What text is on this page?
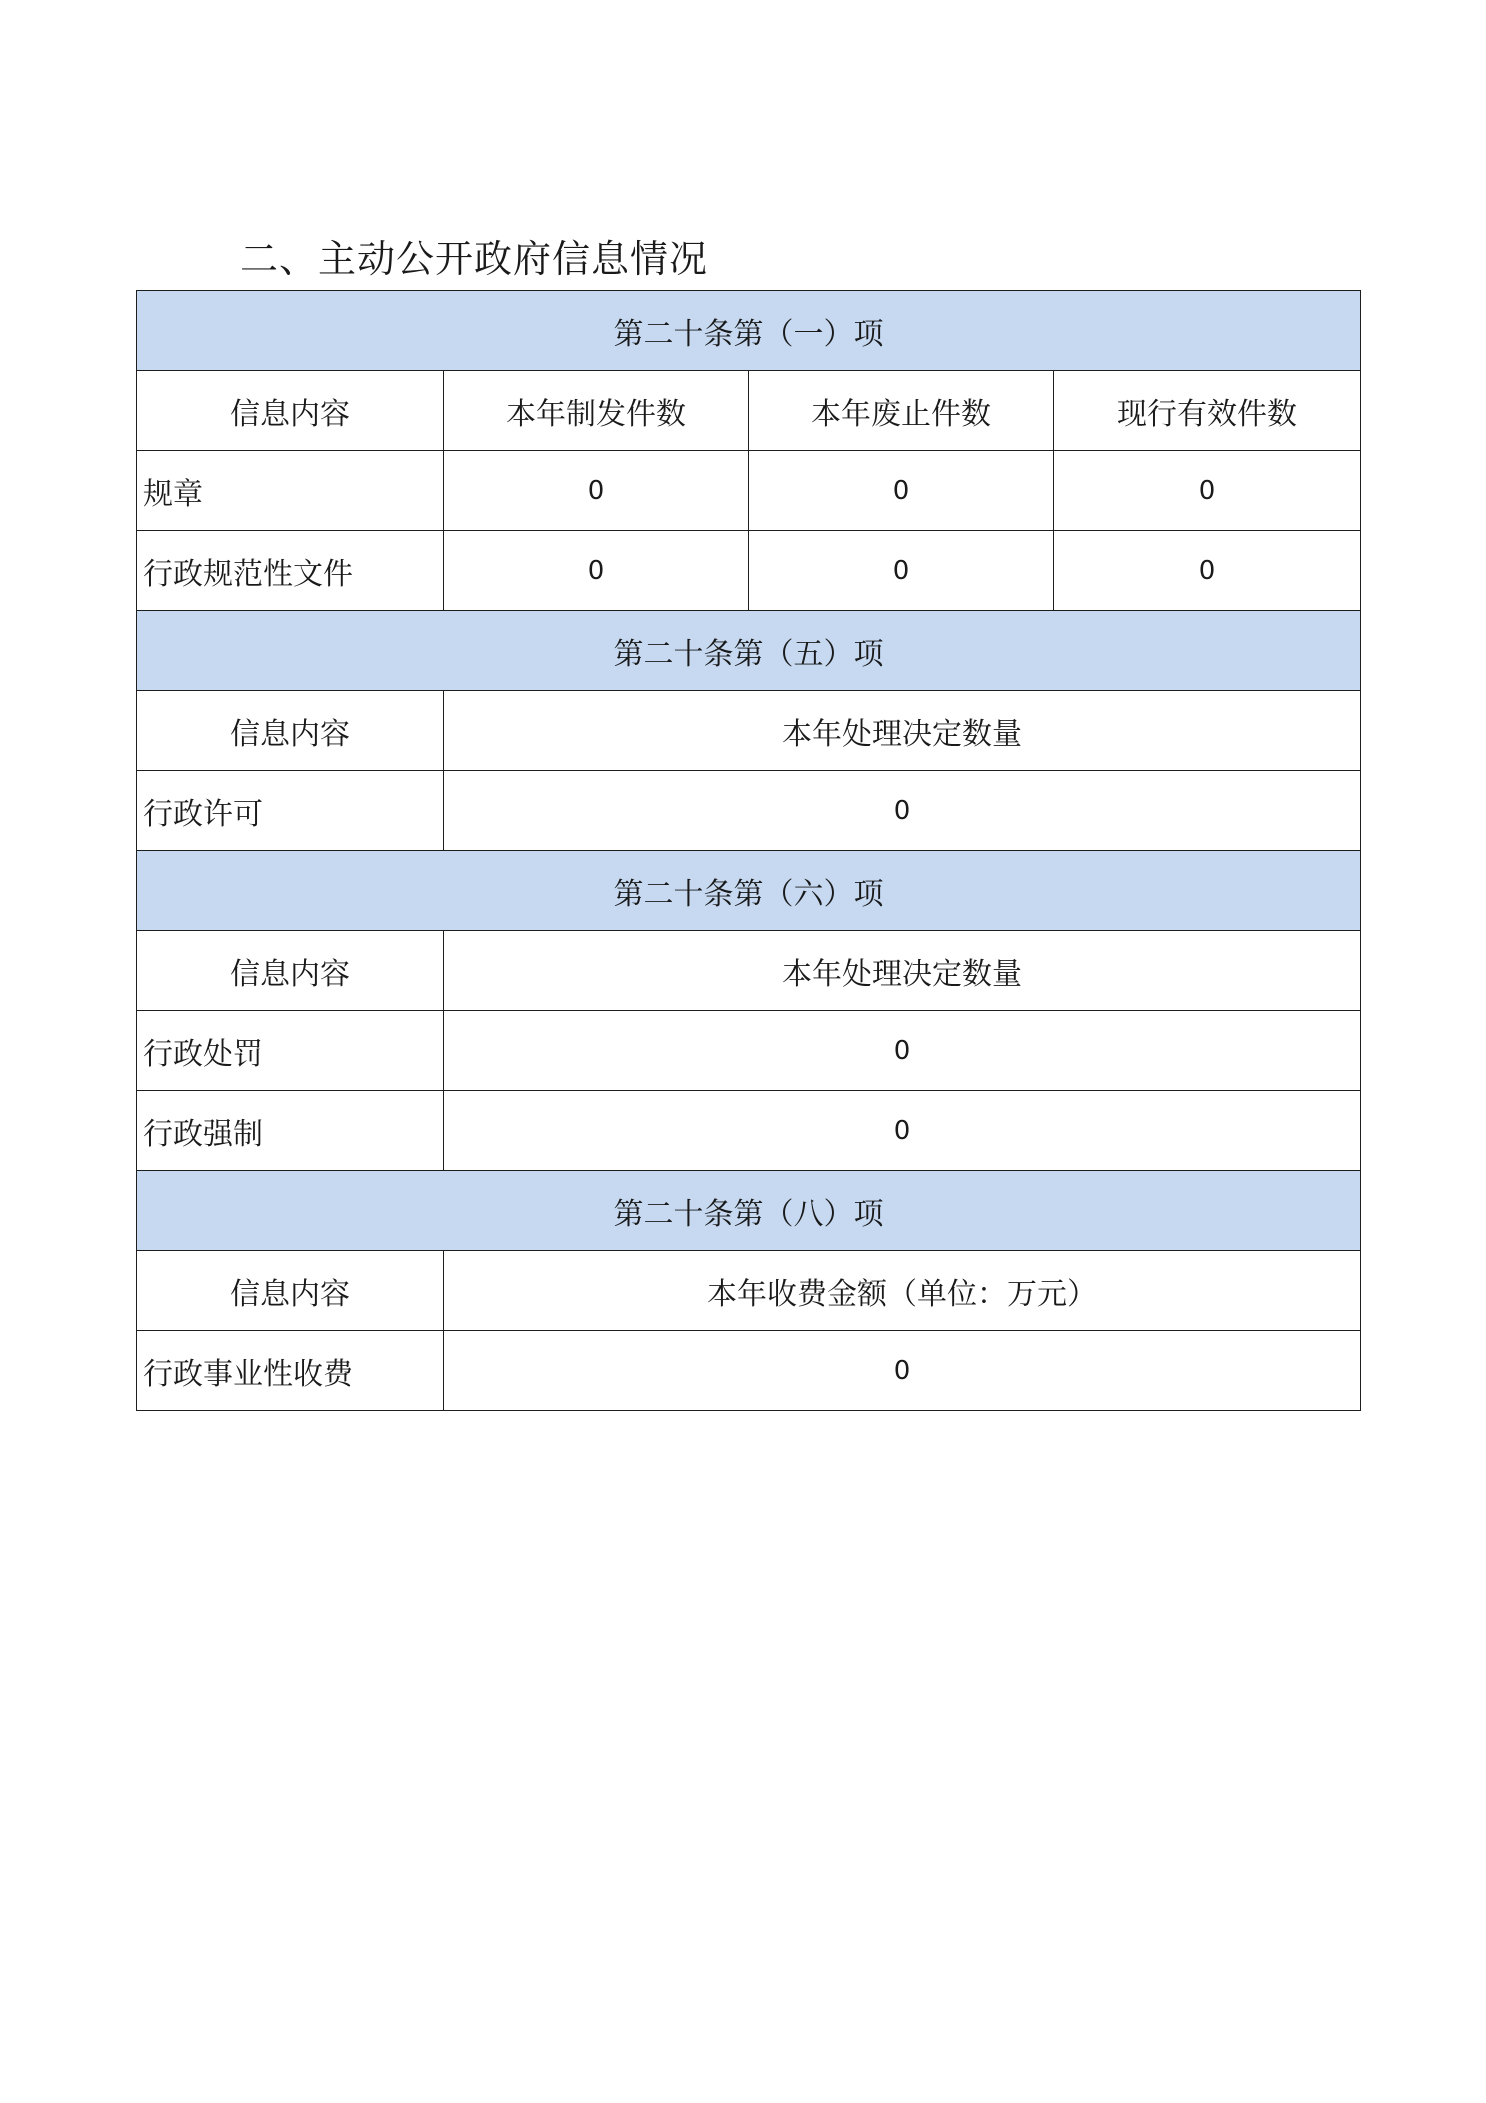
二、主动公开政府信息情况
第二十条第（一）项			
信息内容	本年制发件数	本年废止件数	现行有效件数
规章	0	0	0
行政规范性文件	0	0	0
第二十条第（五）项			
信息内容	本年处理决定数量		
行政许可	0		
第二十条第（六）项			
信息内容	本年处理决定数量		
行政处罚	0		
行政强制	0		
第二十条第（八）项			
信息内容	本年收费金额（单位：万元）		
行政事业性收费	0		
